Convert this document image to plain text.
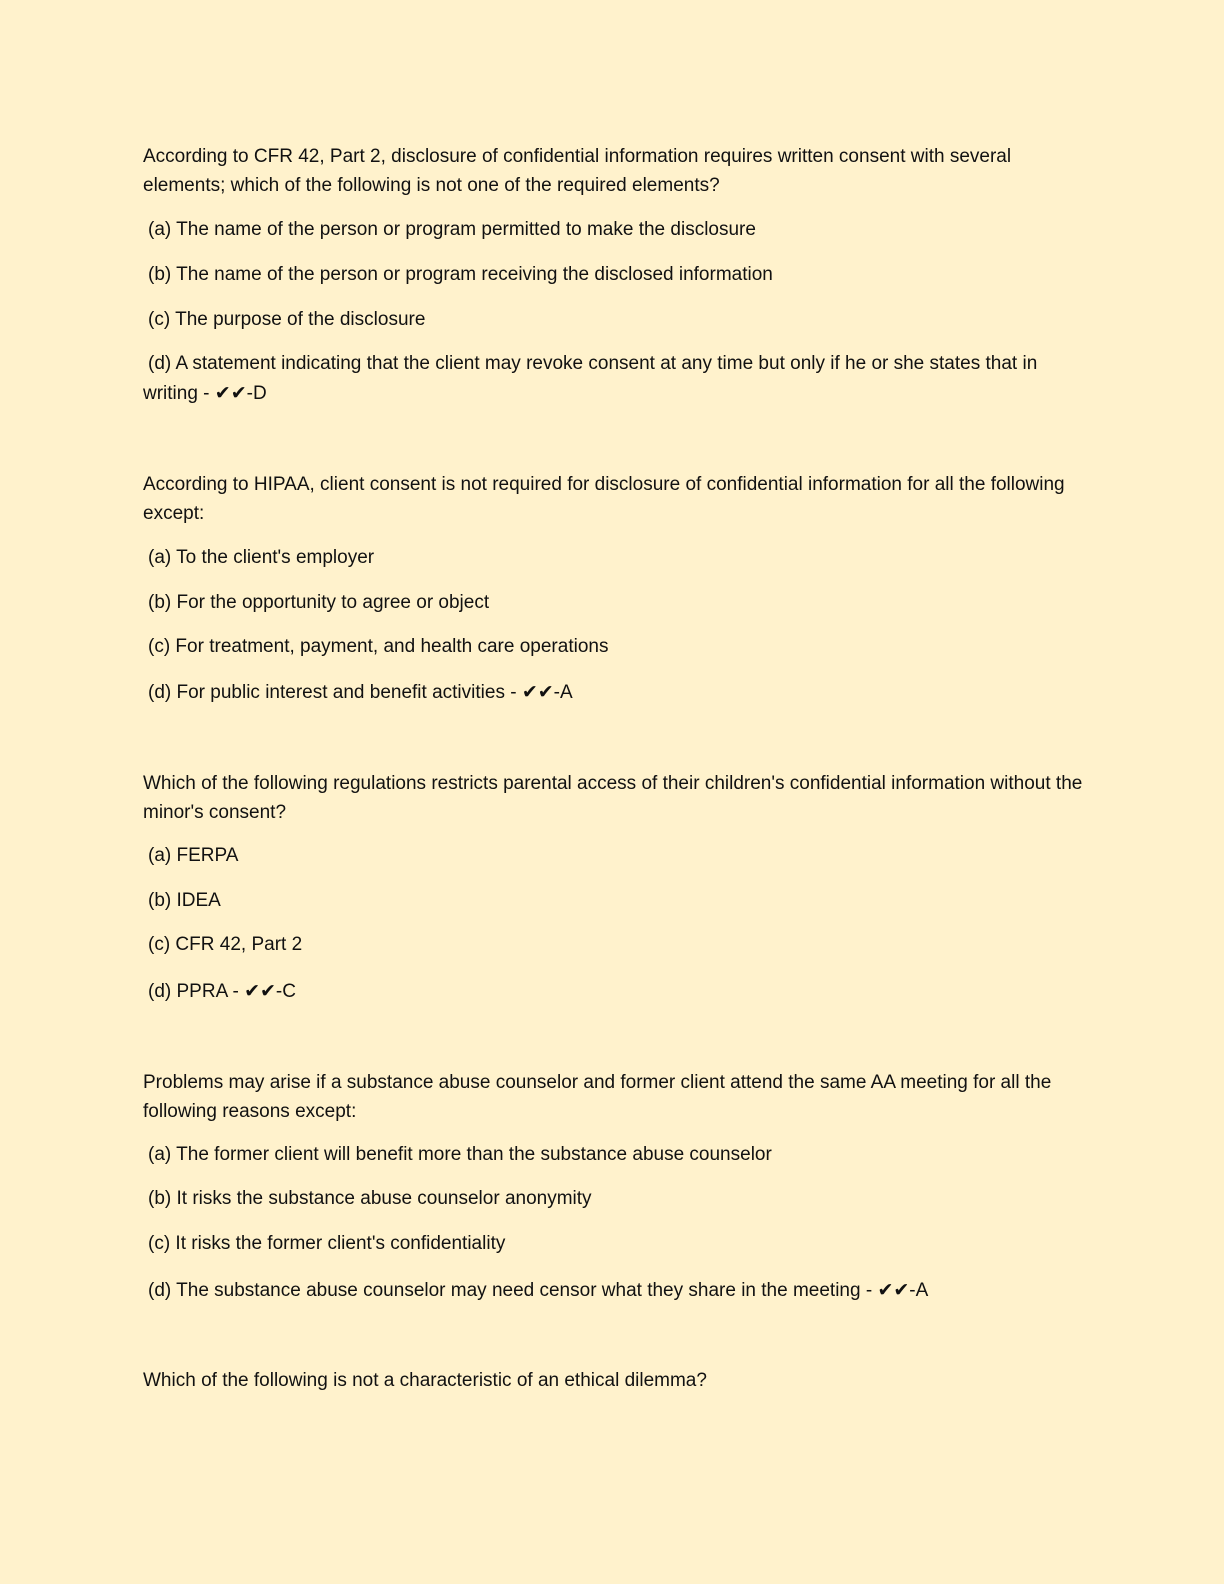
According to CFR 42, Part 2, disclosure of confidential information requires written consent with several elements; which of the following is not one of the required elements?
(a) The name of the person or program permitted to make the disclosure
(b) The name of the person or program receiving the disclosed information
(c) The purpose of the disclosure
(d) A statement indicating that the client may revoke consent at any time but only if he or she states that in writing - ✔✔-D
According to HIPAA, client consent is not required for disclosure of confidential information for all the following except:
(a) To the client's employer
(b) For the opportunity to agree or object
(c) For treatment, payment, and health care operations
(d) For public interest and benefit activities - ✔✔-A
Which of the following regulations restricts parental access of their children's confidential information without the minor's consent?
(a) FERPA
(b) IDEA
(c) CFR 42, Part 2
(d) PPRA - ✔✔-C
Problems may arise if a substance abuse counselor and former client attend the same AA meeting for all the following reasons except:
(a) The former client will benefit more than the substance abuse counselor
(b) It risks the substance abuse counselor anonymity
(c) It risks the former client's confidentiality
(d) The substance abuse counselor may need censor what they share in the meeting - ✔✔-A
Which of the following is not a characteristic of an ethical dilemma?
